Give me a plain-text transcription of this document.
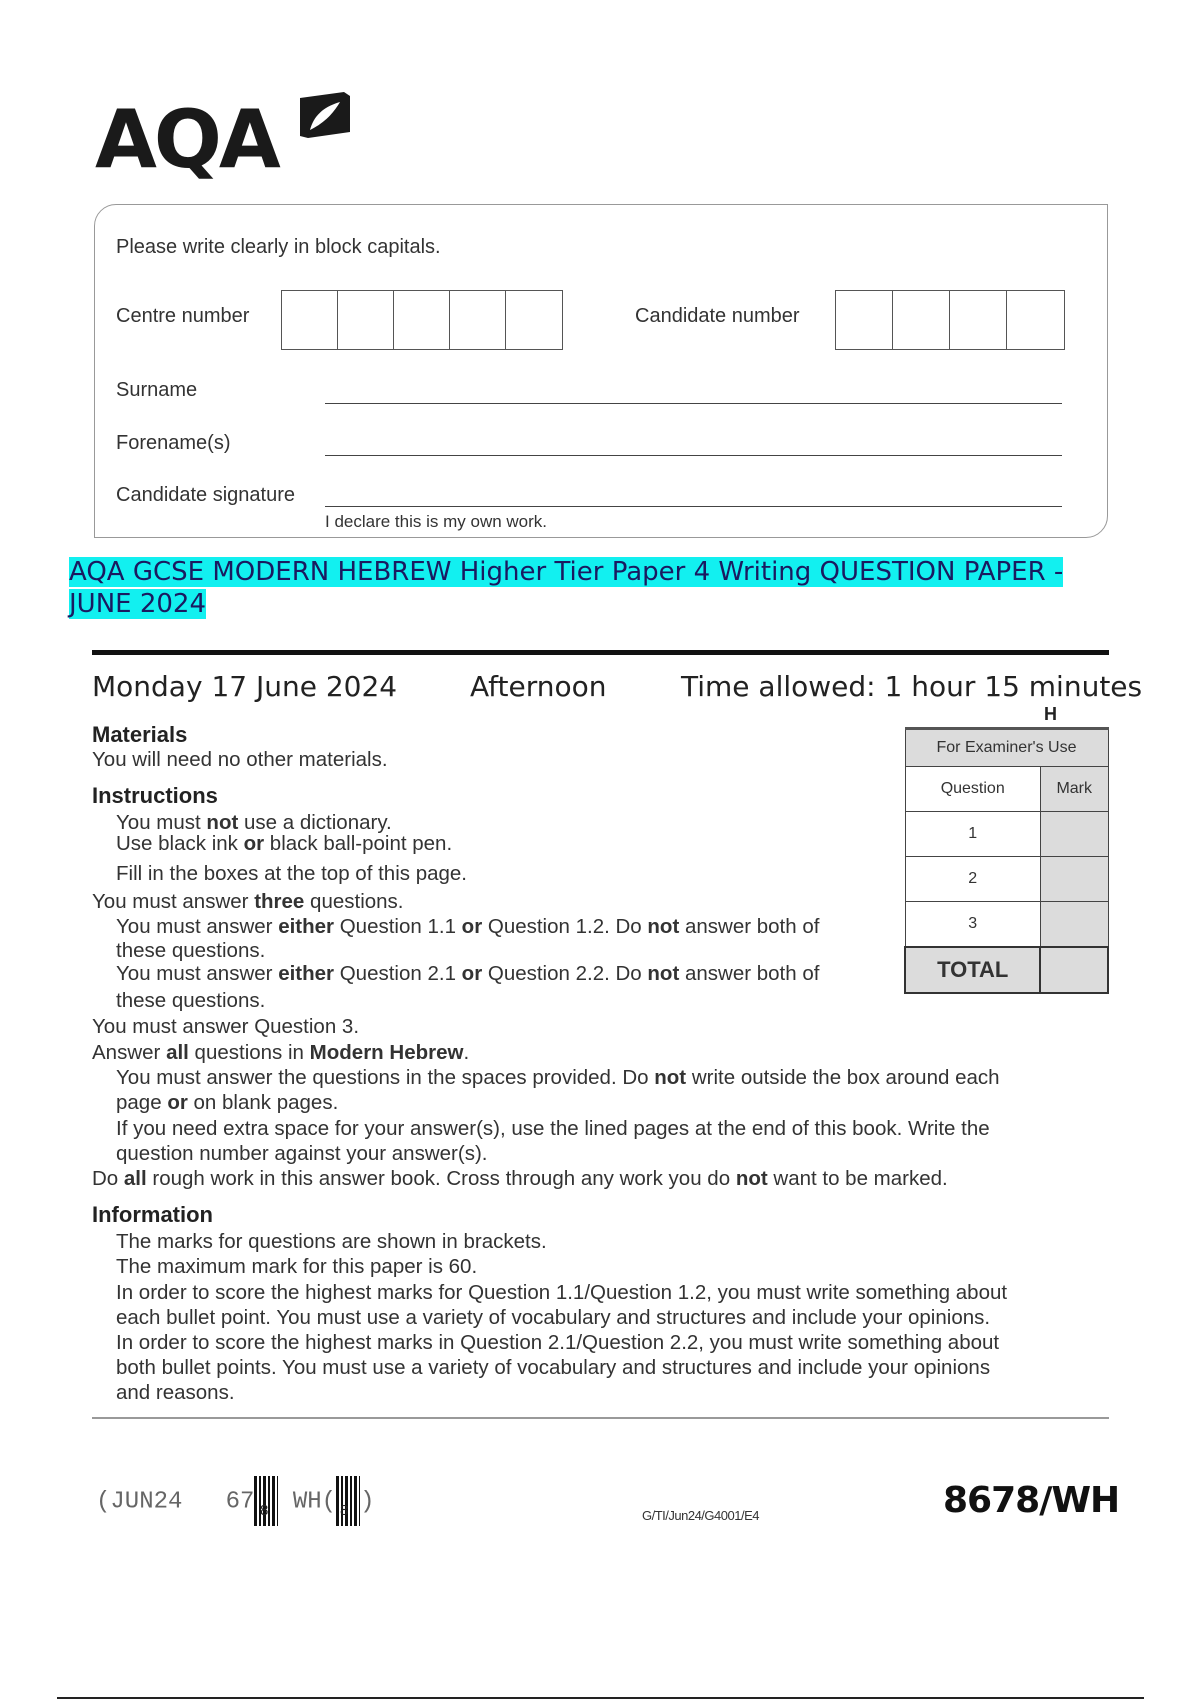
AQA
Please write clearly in block capitals.
Centre number	Candidate number
Surname
Forename(s)
Candidate signature
I declare this is my own work.
AQA GCSE MODERN HEBREW Higher Tier Paper 4 Writing QUESTION PAPER - JUNE 2024
Monday 17 June 2024	Afternoon	Time allowed: 1 hour 15 minutes
H
For Examiner's Use	
Question	Mark
1	
2	
3	
TOTAL	
Materials
You will need no other materials.
Instructions
You must not use a dictionary.
Use black ink or black ball-point pen.
Fill in the boxes at the top of this page.
You must answer three questions.
You must answer either Question 1.1 or Question 1.2. Do not answer both of
these questions.
You must answer either Question 2.1 or Question 2.2. Do not answer both of
these questions.
You must answer Question 3.
Answer all questions in Modern Hebrew.
You must answer the questions in the spaces provided. Do not write outside the box around each
page or on blank pages.
If you need extra space for your answer(s), use the lined pages at the end of this book. Write the
question number against your answer(s).
Do all rough work in this answer book. Cross through any work you do not want to be marked.
Information
The marks for questions are shown in brackets.
The maximum mark for this paper is 60.
In order to score the highest marks for Question 1.1/Question 1.2, you must write something about
each bullet point. You must use a variety of vocabulary and structures and include your opinions.
In order to score the highest marks in Question 2.1/Question 2.2, you must write something about
both bullet points. You must use a variety of vocabulary and structures and include your opinions
and reasons.
(JUN24 67 WH( )
8	8	G/TI/Jun24/G4001/E4	8678/WH
